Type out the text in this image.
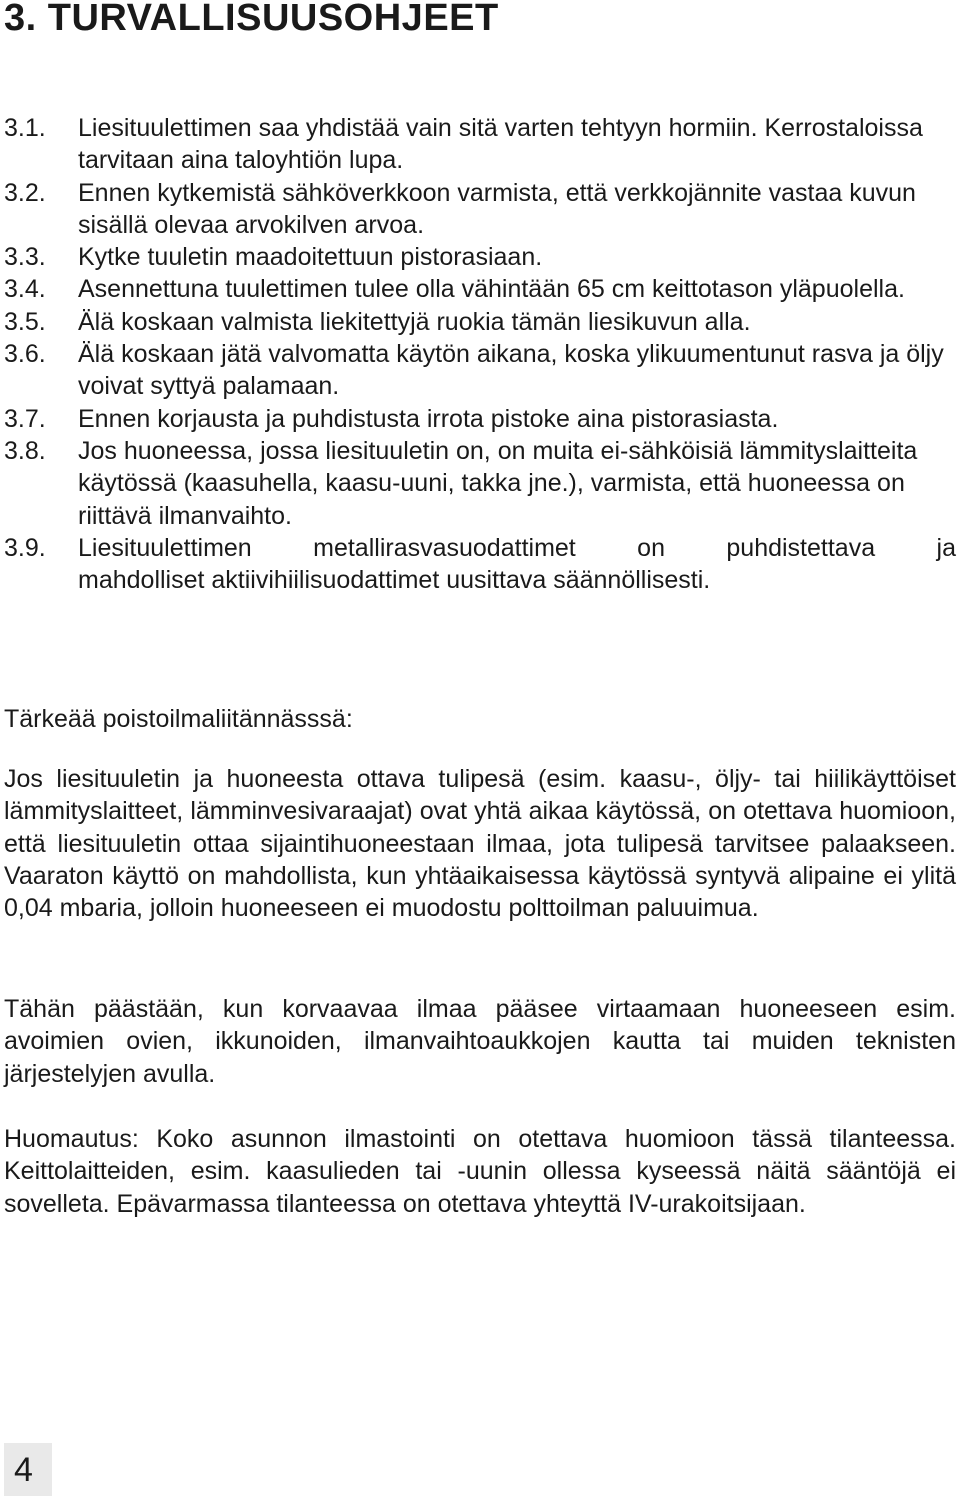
3. TURVALLISUUSOHJEET
3.1.	Liesituulettimen saa yhdistää vain sitä varten tehtyyn hormiin. Kerrostaloissa tarvitaan aina taloyhtiön lupa.
3.2.	Ennen kytkemistä sähköverkkoon varmista, että verkkojännite vastaa kuvun sisällä olevaa arvokilven arvoa.
3.3.	Kytke tuuletin maadoitettuun pistorasiaan.
3.4.	Asennettuna tuulettimen tulee olla vähintään 65 cm keittotason yläpuolella.
3.5.	Älä koskaan valmista liekitettyjä ruokia tämän liesikuvun alla.
3.6.	Älä koskaan jätä valvomatta käytön aikana, koska ylikuumentunut rasva ja öljy voivat syttyä palamaan.
3.7.	Ennen korjausta ja puhdistusta irrota pistoke aina pistorasiasta.
3.8.	Jos huoneessa, jossa liesituuletin on, on muita ei-sähköisiä lämmityslaitteita käytössä (kaasuhella, kaasu-uuni, takka jne.), varmista, että huoneessa on riittävä ilmanvaihto.
3.9.	Liesituulettimen metallirasvasuodattimet on puhdistettava ja
mahdolliset aktiivihiilisuodattimet uusittava säännöllisesti.

Tärkeää poistoilmaliitännässsä:

Jos liesituuletin ja huoneesta ottava tulipesä (esim. kaasu-, öljy- tai hiilikäyttöiset lämmityslaitteet, lämminvesivaraajat) ovat yhtä aikaa käytössä, on otettava huomioon, että liesituuletin ottaa sijaintihuoneestaan ilmaa, jota tulipesä tarvitsee palaakseen. Vaaraton käyttö on mahdollista, kun yhtäaikaisessa käytössä syntyvä alipaine ei ylitä 0,04 mbaria, jolloin huoneeseen ei muodostu polttoilman paluuimua.

Tähän päästään, kun korvaavaa ilmaa pääsee virtaamaan huoneeseen esim. avoimien ovien, ikkunoiden, ilmanvaihtoaukkojen kautta tai muiden teknisten järjestelyjen avulla.

Huomautus: Koko asunnon ilmastointi on otettava huomioon tässä tilanteessa. Keittolaitteiden, esim. kaasulieden tai -uunin ollessa kyseessä näitä sääntöjä ei sovelleta. Epävarmassa tilanteessa on otettava yhteyttä IV-urakoitsijaan.

4
